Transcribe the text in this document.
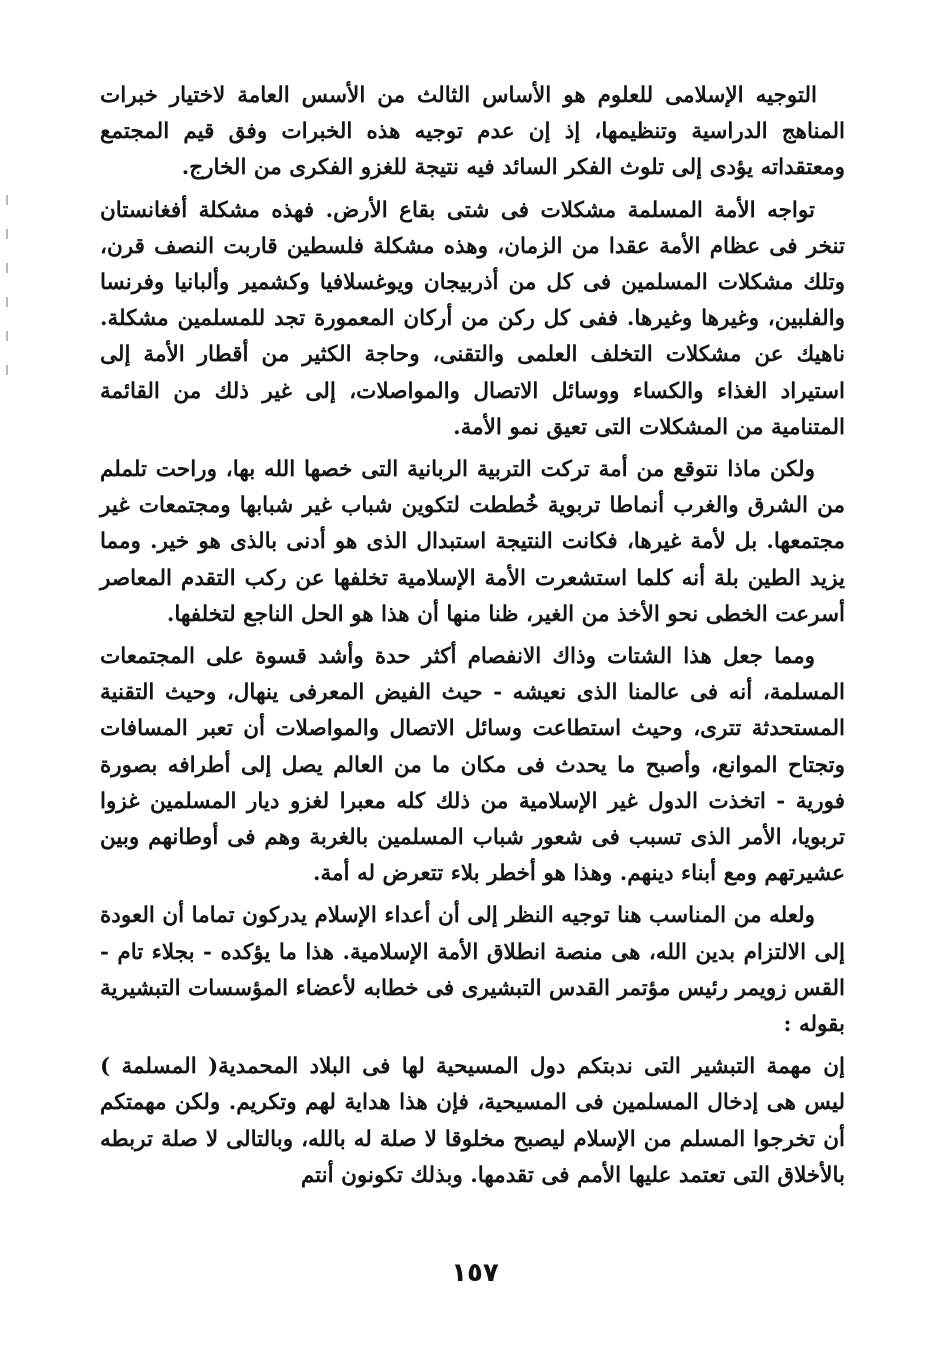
التوجيه الإسلامى للعلوم هو الأساس الثالث من الأسس العامة لاختيار خبرات المناهج الدراسية وتنظيمها، إذ إن عدم توجيه هذه الخبرات وفق قيم المجتمع ومعتقداته يؤدى إلى تلوث الفكر السائد فيه نتيجة للغزو الفكرى من الخارج.

تواجه الأمة المسلمة مشكلات فى شتى بقاع الأرض. فهذه مشكلة أفغانستان تنخر فى عظام الأمة عقدا من الزمان، وهذه مشكلة فلسطين قاربت النصف قرن، وتلك مشكلات المسلمين فى كل من أذربيجان ويوغسلافيا وكشمير وألبانيا وفرنسا والفلبين، وغيرها وغيرها. ففى كل ركن من أركان المعمورة تجد للمسلمين مشكلة. ناهيك عن مشكلات التخلف العلمى والتقنى، وحاجة الكثير من أقطار الأمة إلى استيراد الغذاء والكساء ووسائل الاتصال والمواصلات، إلى غير ذلك من القائمة المتنامية من المشكلات التى تعيق نمو الأمة.

ولكن ماذا نتوقع من أمة تركت التربية الربانية التى خصها الله بها، وراحت تلملم من الشرق والغرب أنماطا تربوية خُططت لتكوين شباب غير شبابها ومجتمعات غير مجتمعها. بل لأمة غيرها، فكانت النتيجة استبدال الذى هو أدنى بالذى هو خير. ومما يزيد الطين بلة أنه كلما استشعرت الأمة الإسلامية تخلفها عن ركب التقدم المعاصر أسرعت الخطى نحو الأخذ من الغير، ظنا منها أن هذا هو الحل الناجع لتخلفها.

ومما جعل هذا الشتات وذاك الانفصام أكثر حدة وأشد قسوة على المجتمعات المسلمة، أنه فى عالمنا الذى نعيشه - حيث الفيض المعرفى ينهال، وحيث التقنية المستحدثة تترى، وحيث استطاعت وسائل الاتصال والمواصلات أن تعبر المسافات وتجتاح الموانع، وأصبح ما يحدث فى مكان ما من العالم يصل إلى أطرافه بصورة فورية - اتخذت الدول غير الإسلامية من ذلك كله معبرا لغزو ديار المسلمين غزوا تربويا، الأمر الذى تسبب فى شعور شباب المسلمين بالغربة وهم فى أوطانهم وبين عشيرتهم ومع أبناء دينهم. وهذا هو أخطر بلاء تتعرض له أمة.

ولعله من المناسب هنا توجيه النظر إلى أن أعداء الإسلام يدركون تماما أن العودة إلى الالتزام بدين الله، هى منصة انطلاق الأمة الإسلامية. هذا ما يؤكده - بجلاء تام - القس زويمر رئيس مؤتمر القدس التبشيرى فى خطابه لأعضاء المؤسسات التبشيرية بقوله :

إن مهمة التبشير التى ندبتكم دول المسيحية لها فى البلاد المحمدية( المسلمة ) ليس هى إدخال المسلمين فى المسيحية، فإن هذا هداية لهم وتكريم. ولكن مهمتكم أن تخرجوا المسلم من الإسلام ليصبح مخلوقا لا صلة له بالله، وبالتالى لا صلة تربطه بالأخلاق التى تعتمد عليها الأمم فى تقدمها. وبذلك تكونون أنتم

١٥٧
